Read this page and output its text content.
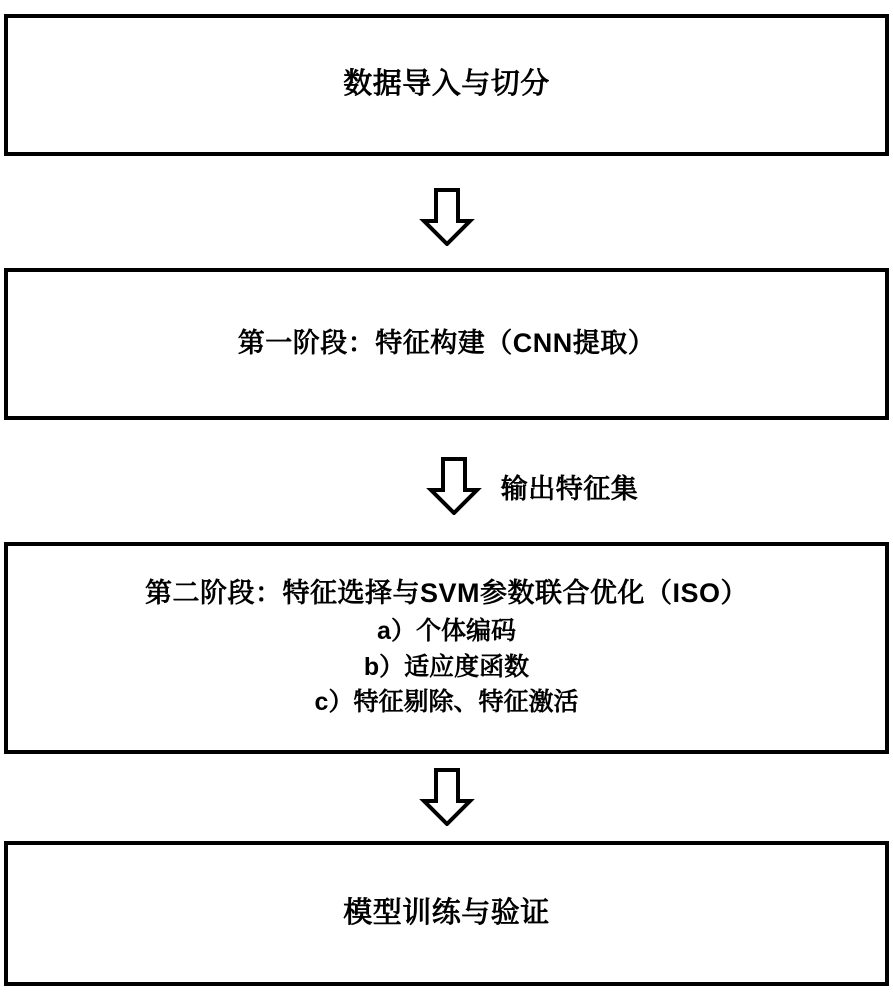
数据导入与切分
第一阶段：特征构建（CNN提取）
输出特征集
第二阶段：特征选择与SVM参数联合优化（ISO）
a）个体编码
b）适应度函数
c）特征剔除、特征激活
模型训练与验证
